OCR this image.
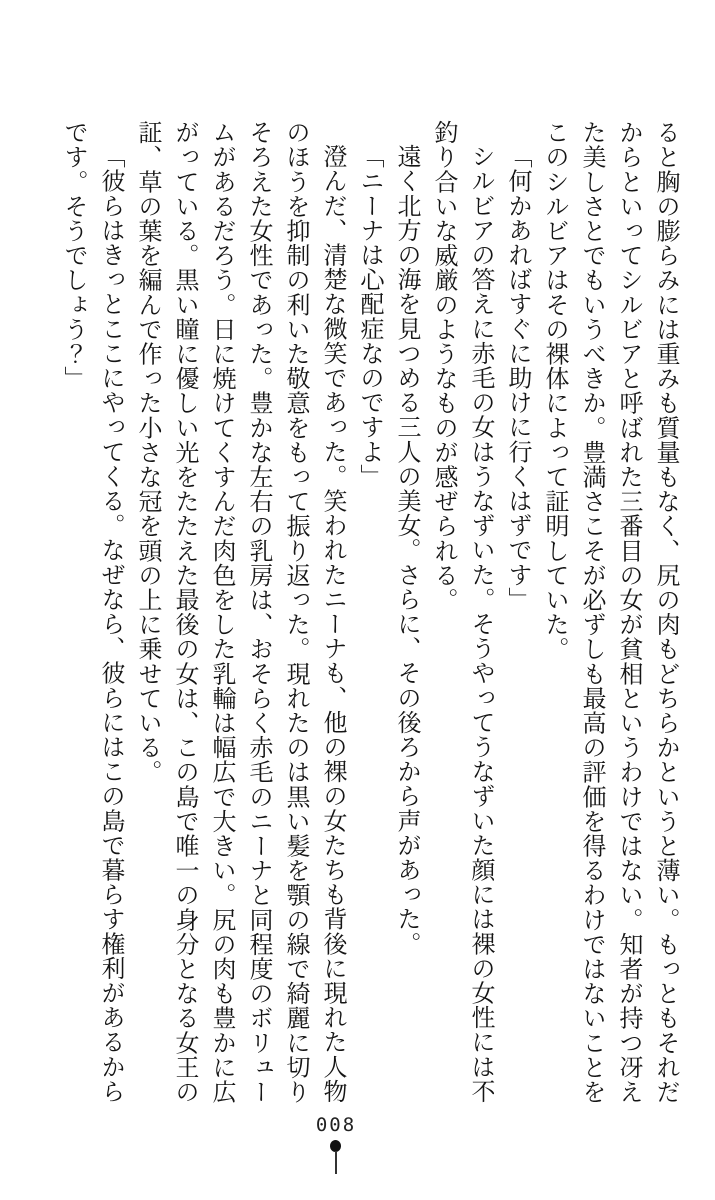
ると胸の膨らみには重みも質量もなく、尻の肉もどちらかというと薄い。もっともそれだからといってシルビアと呼ばれた三番目の女が貧相というわけではない。知者が持つ冴えた美しさとでもいうべきか。豊満さこそが必ずしも最高の評価を得るわけではないことをこのシルビアはその裸体によって証明していた。

「何かあればすぐに助けに行くはずです」

シルビアの答えに赤毛の女はうなずいた。そうやってうなずいた顔には裸の女性には不釣り合いな威厳のようなものが感ぜられる。

遠く北方の海を見つめる三人の美女。さらに、その後ろから声があった。

「ニーナは心配症なのですよ」

澄んだ、清楚な微笑であった。笑われたニーナも、他の裸の女たちも背後に現れた人物のほうを抑制の利いた敬意をもって振り返った。現れたのは黒い髪を顎の線で綺麗に切りそろえた女性であった。豊かな左右の乳房は、おそらく赤毛のニーナと同程度のボリュームがあるだろう。日に焼けてくすんだ肉色をした乳輪は幅広で大きい。尻の肉も豊かに広がっている。黒い瞳に優しい光をたたえた最後の女は、この島で唯一の身分となる女王の証、草の葉を編んで作った小さな冠を頭の上に乗せている。

「彼らはきっとここにやってくる。なぜなら、彼らにはこの島で暮らす権利があるからです。そうでしょう？」

008
